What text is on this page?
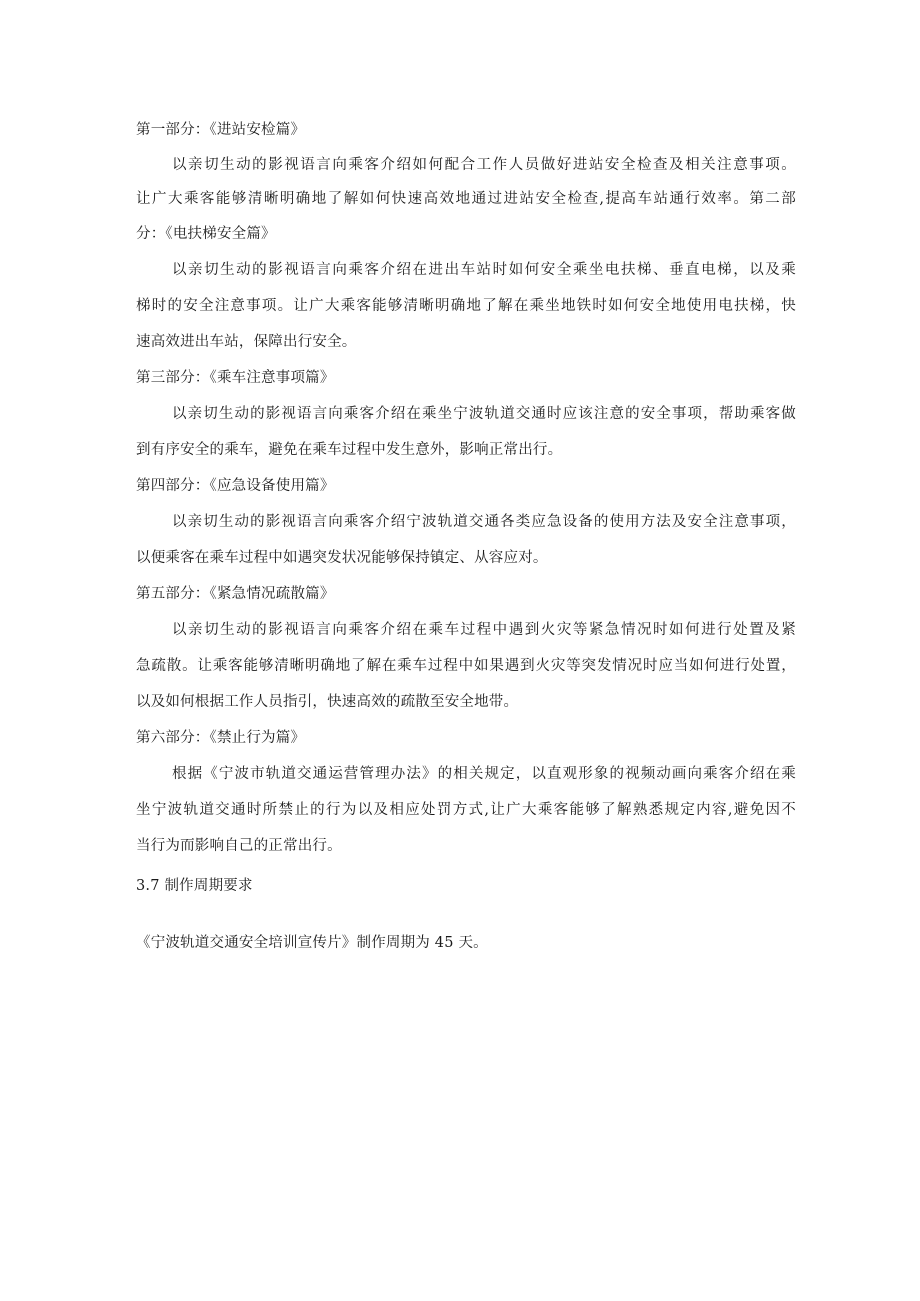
第一部分：《进站安检篇》
以亲切生动的影视语言向乘客介绍如何配合工作人员做好进站安全检查及相关注意事项。
让广大乘客能够清晰明确地了解如何快速高效地通过进站安全检查,提高车站通行效率。第二部
分：《电扶梯安全篇》
以亲切生动的影视语言向乘客介绍在进出车站时如何安全乘坐电扶梯、垂直电梯，以及乘
梯时的安全注意事项。让广大乘客能够清晰明确地了解在乘坐地铁时如何安全地使用电扶梯，快
速高效进出车站，保障出行安全。
第三部分：《乘车注意事项篇》
以亲切生动的影视语言向乘客介绍在乘坐宁波轨道交通时应该注意的安全事项，帮助乘客做
到有序安全的乘车，避免在乘车过程中发生意外，影响正常出行。
第四部分：《应急设备使用篇》
以亲切生动的影视语言向乘客介绍宁波轨道交通各类应急设备的使用方法及安全注意事项，
以便乘客在乘车过程中如遇突发状况能够保持镇定、从容应对。
第五部分：《紧急情况疏散篇》
以亲切生动的影视语言向乘客介绍在乘车过程中遇到火灾等紧急情况时如何进行处置及紧
急疏散。让乘客能够清晰明确地了解在乘车过程中如果遇到火灾等突发情况时应当如何进行处置，
以及如何根据工作人员指引，快速高效的疏散至安全地带。
第六部分：《禁止行为篇》
根据《宁波市轨道交通运营管理办法》的相关规定，以直观形象的视频动画向乘客介绍在乘
坐宁波轨道交通时所禁止的行为以及相应处罚方式,让广大乘客能够了解熟悉规定内容,避免因不
当行为而影响自己的正常出行。
3.7 制作周期要求
《宁波轨道交通安全培训宣传片》制作周期为 45 天。
